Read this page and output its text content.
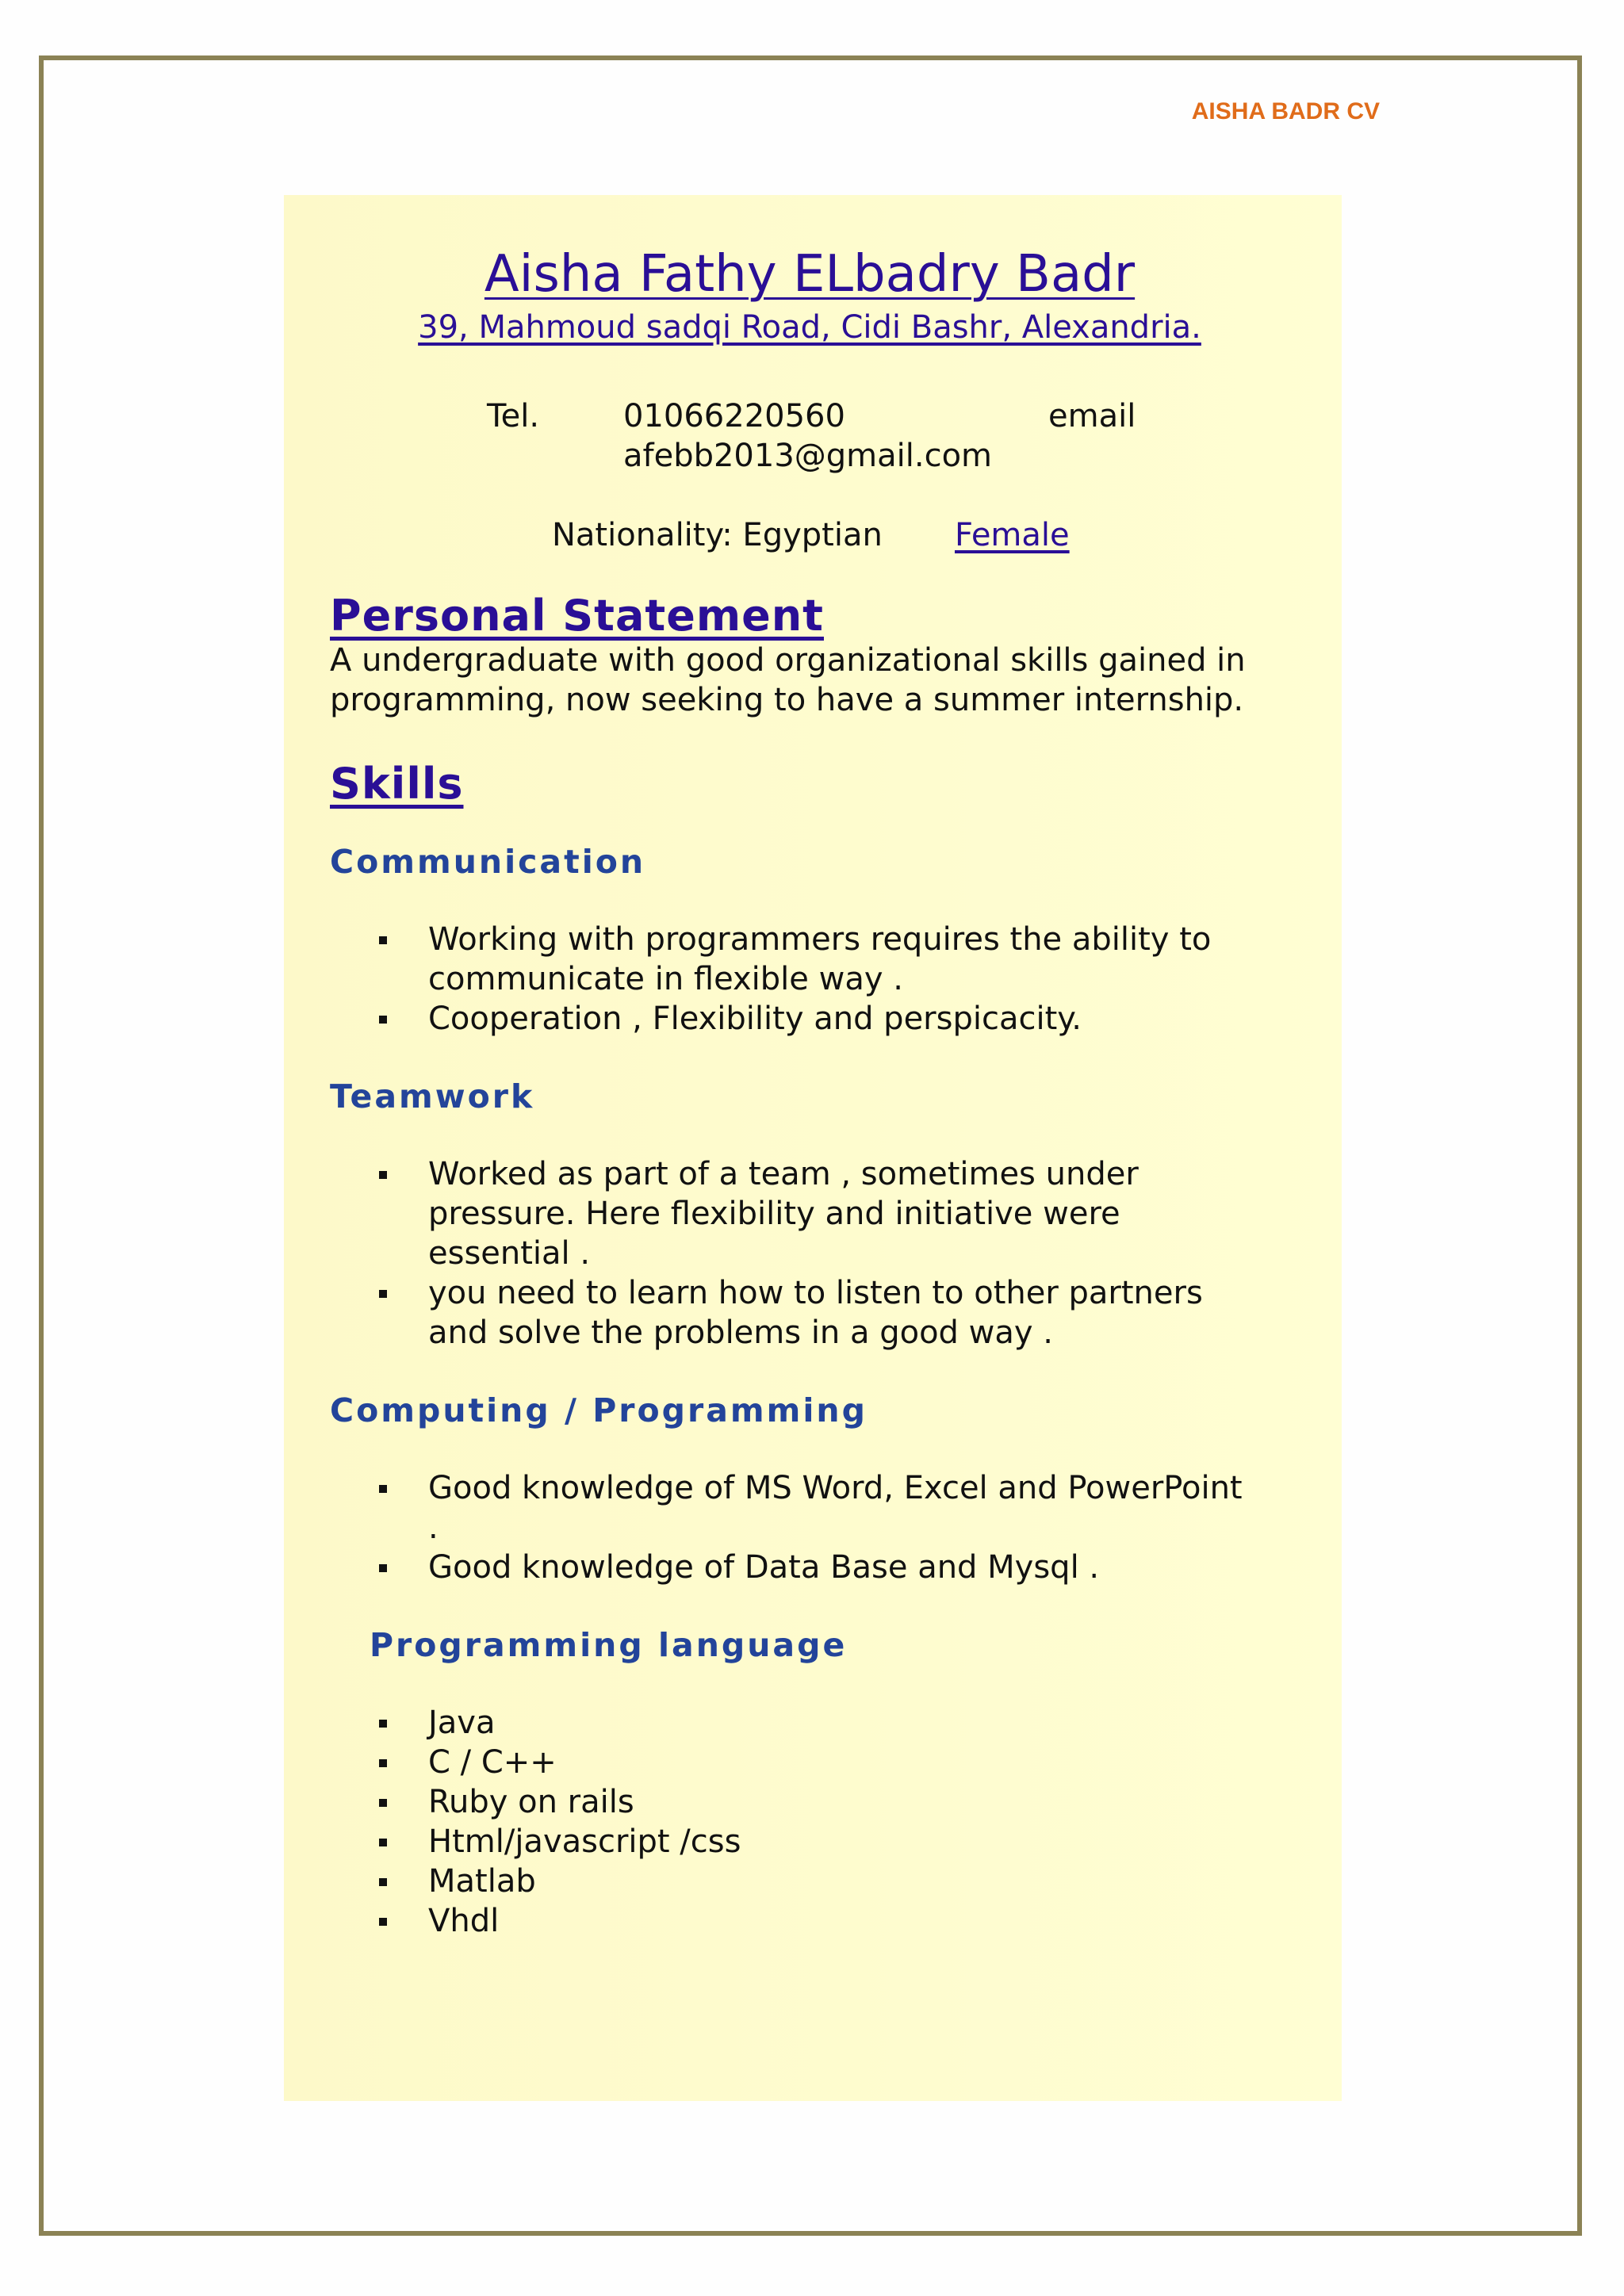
AISHA BADR CV
Aisha Fathy ELbadry Badr
39, Mahmoud sadqi Road, Cidi Bashr, Alexandria.
Tel.	01066220560	email
afebb2013@gmail.com
Nationality: Egyptian Female
Personal Statement
A undergraduate with good organizational skills gained in
programming, now seeking to have a summer internship.
Skills
Communication
Working with programmers requires the ability to
communicate in flexible way .
Cooperation , Flexibility and perspicacity.
Teamwork
Worked as part of a team , sometimes under
pressure. Here flexibility and initiative were
essential .
you need to learn how to listen to other partners
and solve the problems in a good way .
Computing / Programming
Good knowledge of MS Word, Excel and PowerPoint
.
Good knowledge of Data Base and Mysql .
Programming language
Java
C / C++
Ruby on rails
Html/javascript /css
Matlab
Vhdl
